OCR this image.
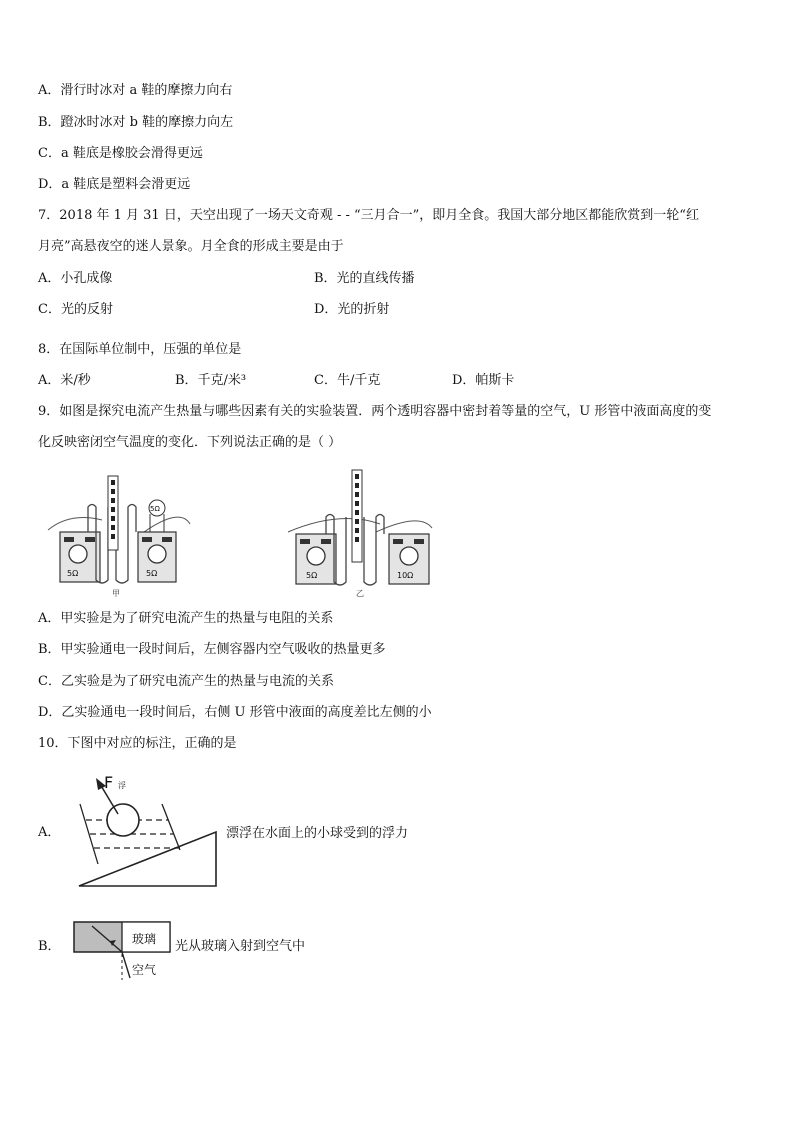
A．滑行时冰对 a 鞋的摩擦力向右
B．蹬冰时冰对 b 鞋的摩擦力向左
C．a 鞋底是橡胶会滑得更远
D．a 鞋底是塑料会滑更远
7．2018 年 1 月 31 日，天空出现了一场天文奇观 - - “三月合一”，即月全食。我国大部分地区都能欣赏到一轮“红
月亮”高悬夜空的迷人景象。月全食的形成主要是由于
A．小孔成像	B．光的直线传播
C．光的反射	D．光的折射
8．在国际单位制中，压强的单位是
A．米/秒	B．千克/米³	C．牛/千克	D．帕斯卡
9．如图是探究电流产生热量与哪些因素有关的实验装置．两个透明容器中密封着等量的空气，U 形管中液面高度的变
化反映密闭空气温度的变化．下列说法正确的是（ ）
5Ω	5Ω
5Ω
甲
5Ω	10Ω
乙
A．甲实验是为了研究电流产生的热量与电阻的关系
B．甲实验通电一段时间后，左侧容器内空气吸收的热量更多
C．乙实验是为了研究电流产生的热量与电流的关系
D．乙实验通电一段时间后，右侧 U 形管中液面的高度差比左侧的小
10．下图中对应的标注，正确的是
A．
F 浮
漂浮在水面上的小球受到的浮力
B．	玻璃
空气
光从玻璃入射到空气中
